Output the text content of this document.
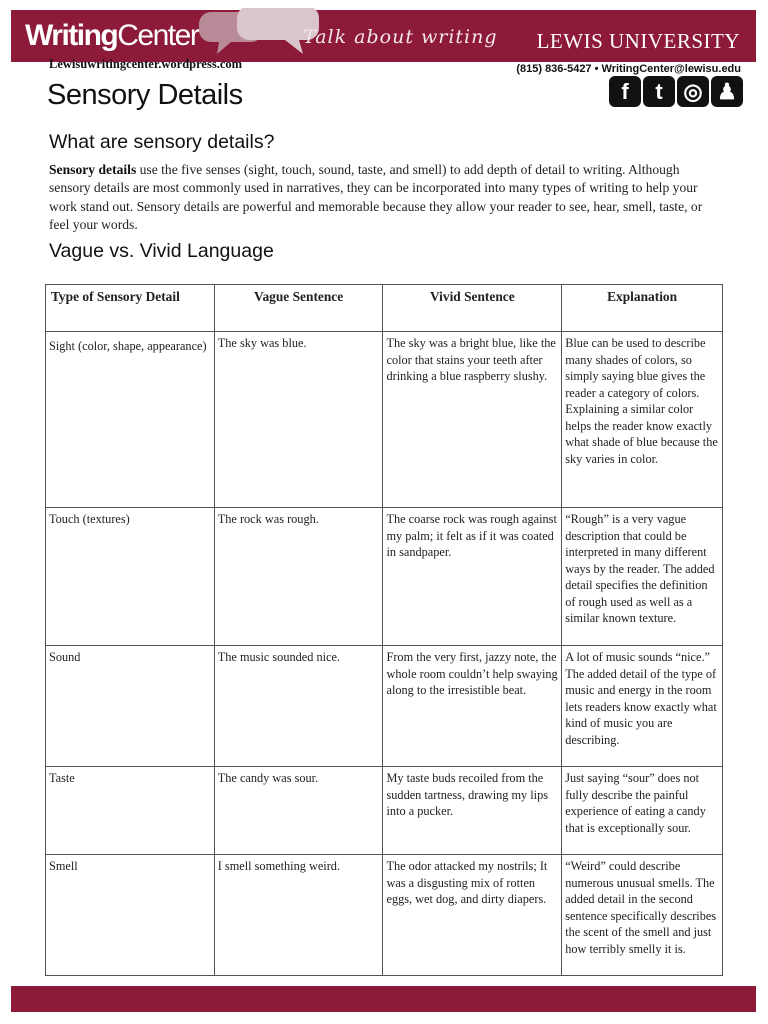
WritingCenter	Talk about writing LEWIS UNIVERSITY
Lewisuwritingcenter.wordpress.com	(815) 836-5427 • WritingCenter@lewisu.edu
f t ◎ ♟
Sensory Details
What are sensory details?

Sensory details use the five senses (sight, touch, sound, taste, and smell) to add depth of detail to writing. Although sensory details are most commonly used in narratives, they can be incorporated into many types of writing to help your work stand out. Sensory details are powerful and memorable because they allow your reader to see, hear, smell, taste, or feel your words.

Vague vs. Vivid Language
Type of Sensory Detail	Vague Sentence	Vivid Sentence	Explanation
Sight (color, shape, appearance)	The sky was blue.	The sky was a bright blue, like the color that stains your teeth after drinking a blue raspberry slushy.	Blue can be used to describe many shades of colors, so simply saying blue gives the reader a category of colors. Explaining a similar color helps the reader know exactly what shade of blue because the sky varies in color.
Touch (textures)	The rock was rough.	The coarse rock was rough against my palm; it felt as if it was coated in sandpaper.	“Rough” is a very vague description that could be interpreted in many different ways by the reader. The added detail specifies the definition of rough used as well as a similar known texture.
Sound	The music sounded nice.	From the very first, jazzy note, the whole room couldn’t help swaying along to the irresistible beat.	A lot of music sounds “nice.” The added detail of the type of music and energy in the room lets readers know exactly what kind of music you are describing.
Taste	The candy was sour.	My taste buds recoiled from the sudden tartness, drawing my lips into a pucker.	Just saying “sour” does not fully describe the painful experience of eating a candy that is exceptionally sour.
Smell	I smell something weird.	The odor attacked my nostrils; It was a disgusting mix of rotten eggs, wet dog, and dirty diapers.	“Weird” could describe numerous unusual smells. The added detail in the second sentence specifically describes the scent of the smell and just how terribly smelly it is.
